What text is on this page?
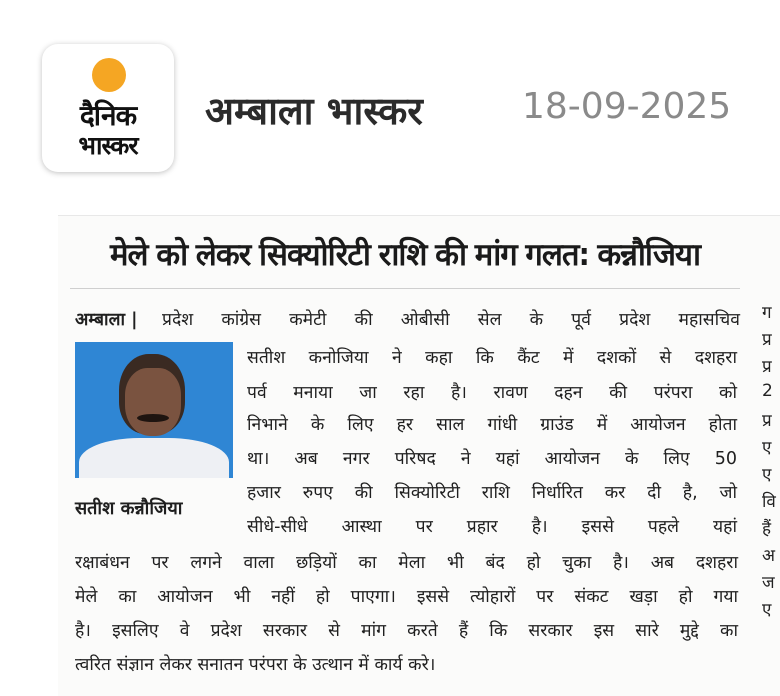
दैनिक
भास्कर
अम्बाला भास्कर	18-09-2025
मेले को लेकर सिक्योरिटी राशि की मांग गलत: कन्नौजिया
अम्बाला | प्रदेश कांग्रेस कमेटी की ओबीसी सेल के पूर्व प्रदेश महासचिव
सतीश कनोजिया ने कहा कि कैंट में दशकों से दशहरा
पर्व मनाया जा रहा है। रावण दहन की परंपरा को
निभाने के लिए हर साल गांधी ग्राउंड में आयोजन होता
था। अब नगर परिषद ने यहां आयोजन के लिए 50
हजार रुपए की सिक्योरिटी राशि निर्धारित कर दी है, जो
सीधे-सीधे आस्था पर प्रहार है। इससे पहले यहां
रक्षाबंधन पर लगने वाला छड़ियों का मेला भी बंद हो चुका है। अब दशहरा
मेले का आयोजन भी नहीं हो पाएगा। इससे त्योहारों पर संकट खड़ा हो गया
है। इसलिए वे प्रदेश सरकार से मांग करते हैं कि सरकार इस सारे मुद्दे का
त्वरित संज्ञान लेकर सनातन परंपरा के उत्थान में कार्य करे।
सतीश कन्नौजिया
ग
प्र
प्र
2
प्र
ए
ए
वि
हैं
अ
ज
ए
